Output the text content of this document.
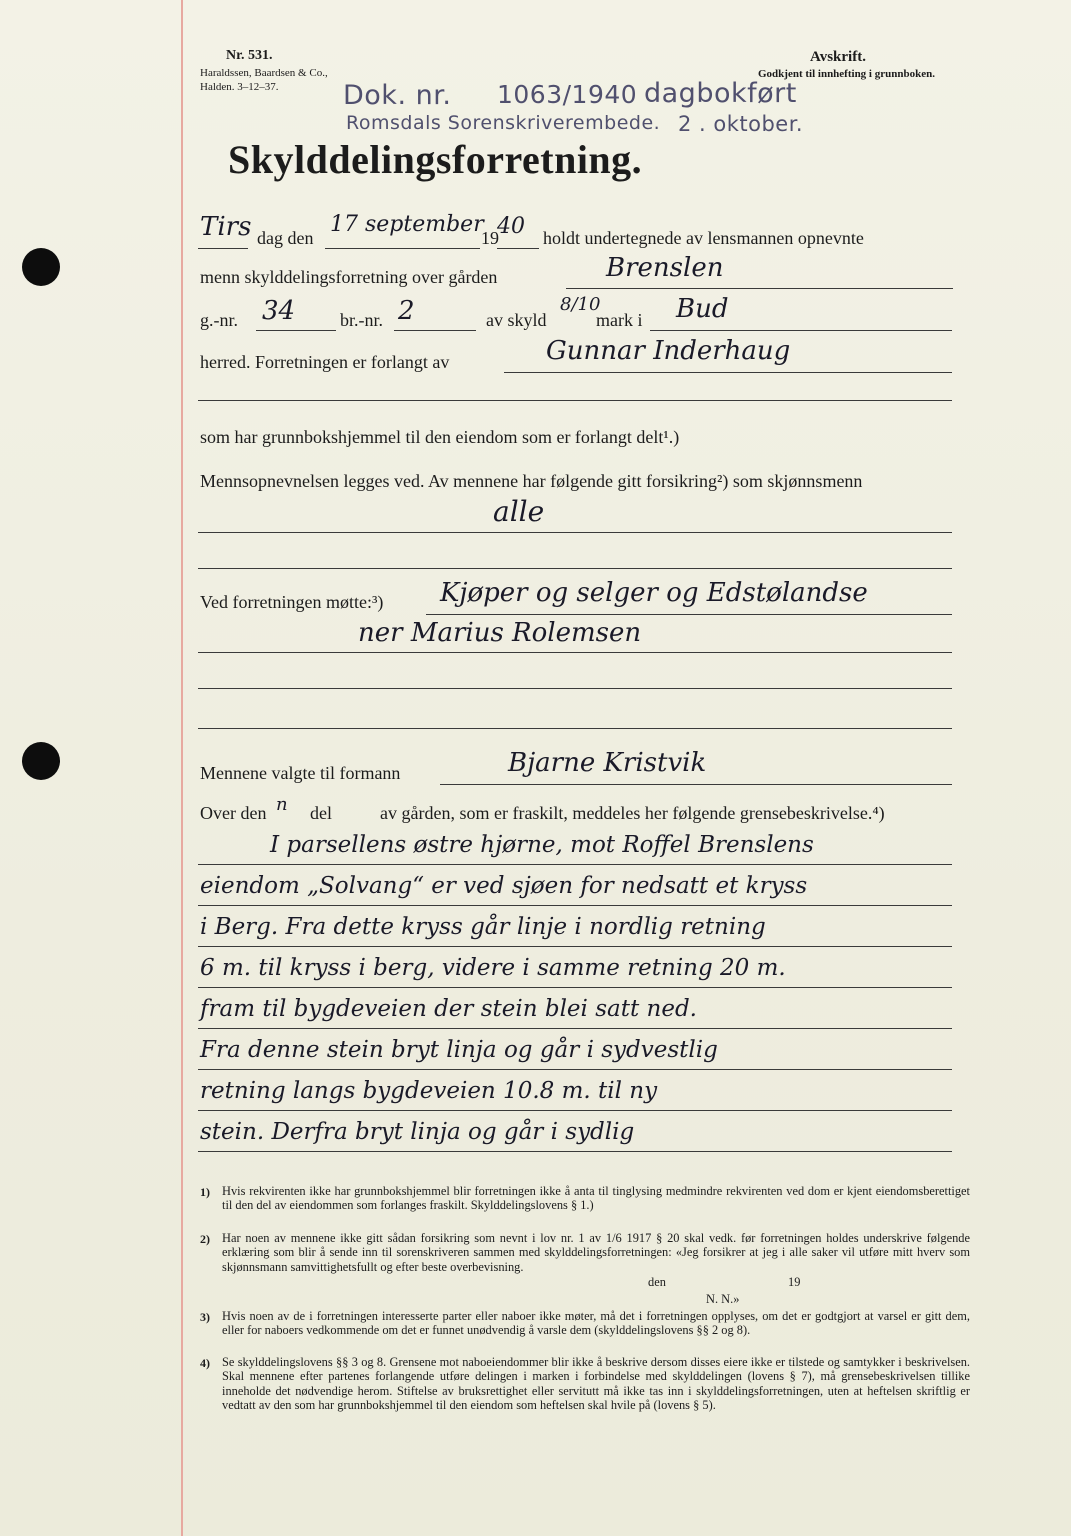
Nr. 531.
Haraldssen, Baardsen & Co.,
Halden. 3–12–37.
Avskrift.
Godkjent til innhefting i grunnboken.
Dok. nr. 1063/1940 dagbokført
Romsdals Sorenskriverembede. 2 . oktober.
Skylddelingsforretning.
Tirs dag den
17 september
19
40 holdt undertegnede av lensmannen opnevnte
menn skylddelingsforretning over gården	Brenslen
g.-nr. 34 br.-nr. 2	av skyld
8/10
mark i Bud
herred. Forretningen er forlangt av	Gunnar Inderhaug
som har grunnbokshjemmel til den eiendom som er forlangt delt¹.)
Mennsopnevnelsen legges ved. Av mennene har følgende gitt forsikring²) som skjønnsmenn
alle
Ved forretningen møtte:³) Kjøper og selger og Edstølandse
ner Marius Rolemsen
Mennene valgte til formann	Bjarne Kristvik
Over den n del	av gården, som er fraskilt, meddeles her følgende grensebeskrivelse.⁴)
I parsellens østre hjørne, mot Roffel Brenslens
eiendom „Solvang“ er ved sjøen for nedsatt et kryss
i Berg. Fra dette kryss går linje i nordlig retning
6 m. til kryss i berg, videre i samme retning 20 m.
fram til bygdeveien der stein blei satt ned.
Fra denne stein bryt linja og går i sydvestlig
retning langs bygdeveien 10.8 m. til ny
stein. Derfra bryt linja og går i sydlig
1) Hvis rekvirenten ikke har grunnbokshjemmel blir forretningen ikke å anta til tinglysing medmindre rekvirenten ved dom er kjent eiendomsberettiget til den del av eiendommen som forlanges fraskilt. Skylddelingslovens § 1.)
2) Har noen av mennene ikke gitt sådan forsikring som nevnt i lov nr. 1 av 1/6 1917 § 20 skal vedk. før forretningen holdes underskrive følgende erklæring som blir å sende inn til sorenskriveren sammen med skylddelingsforretningen: «Jeg forsikrer at jeg i alle saker vil utføre mitt hverv som skjønnsmann samvittighetsfullt og efter beste overbevisning.
den	19
N. N.»
3) Hvis noen av de i forretningen interesserte parter eller naboer ikke møter, må det i forretningen opplyses, om det er godtgjort at varsel er gitt dem, eller for naboers vedkommende om det er funnet unødvendig å varsle dem (skylddelingslovens §§ 2 og 8).
4) Se skylddelingslovens §§ 3 og 8. Grensene mot naboeiendommer blir ikke å beskrive dersom disses eiere ikke er tilstede og samtykker i beskrivelsen. Skal mennene efter partenes forlangende utføre delingen i marken i forbindelse med skylddelingen (lovens § 7), må grensebeskrivelsen tillike inneholde det nødvendige herom. Stiftelse av bruksrettighet eller servitutt må ikke tas inn i skylddelingsforretningen, uten at heftelsen skriftlig er vedtatt av den som har grunnbokshjemmel til den eiendom som heftelsen skal hvile på (lovens § 5).
